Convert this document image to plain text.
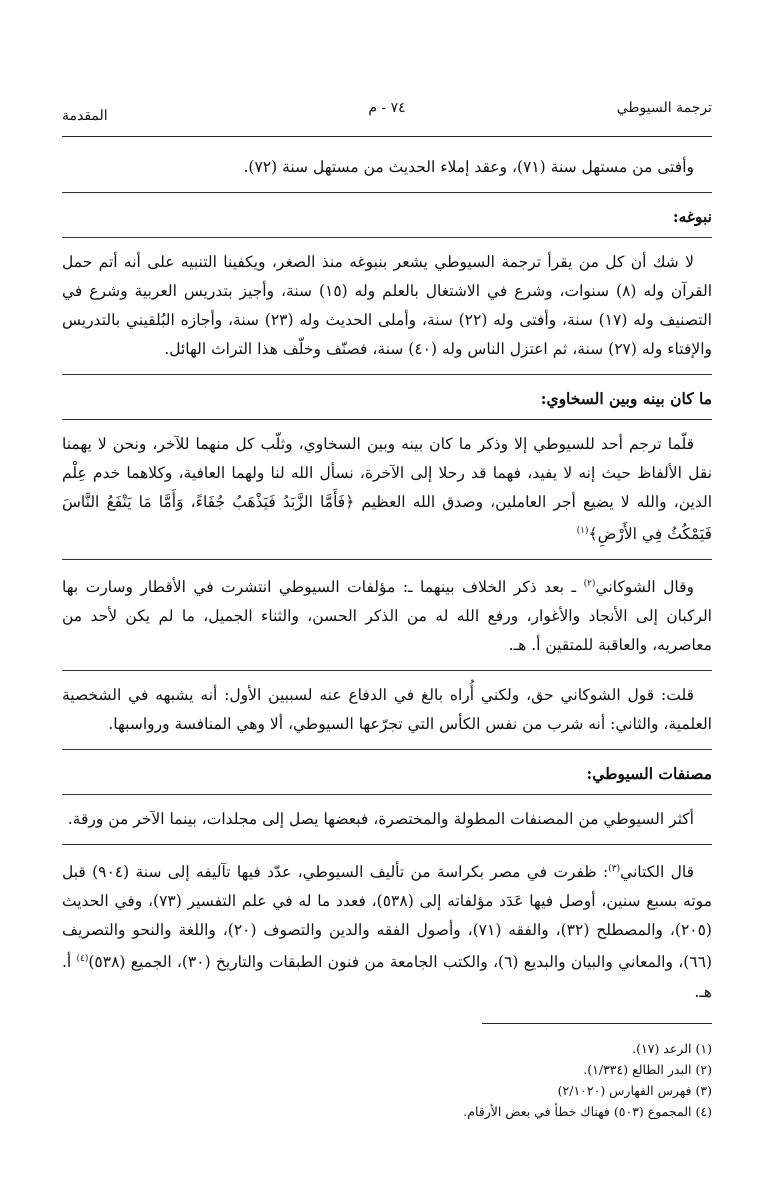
ترجمة السيوطي
٧٤ - م
المقدمة

وأفتى من مستهل سنة (٧١)، وعقد إملاء الحديث من مستهل سنة (٧٢).

نبوغه:

لا شك أن كل من يقرأ ترجمة السيوطي يشعر بنبوغه منذ الصغر، ويكفينا التنبيه على أنه أتم حمل القرآن وله (٨) سنوات، وشرع في الاشتغال بالعلم وله (١٥) سنة، وأجيز بتدريس العربية وشرع في التصنيف وله (١٧) سنة، وأفتى وله (٢٢) سنة، وأملى الحديث وله (٢٣) سنة، وأجازه البُلقيني بالتدريس والإفتاء وله (٢٧) سنة، ثم اعتزل الناس وله (٤٠) سنة، فصنّف وخلّف هذا التراث الهائل.

ما كان بينه وبين السخاوي:

قلّما ترجم أحد للسيوطي إلا وذكر ما كان بينه وبين السخاوي، وثلّب كل منهما للآخر، ونحن لا يهمنا نقل الألفاظ حيث إنه لا يفيد، فهما قد رحلا إلى الآخرة، نسأل الله لنا ولهما العافية، وكلاهما خدم عِلْم الدين، والله لا يضيع أجر العاملين، وصدق الله العظيم ﴿فَأَمَّا الزَّبَدُ فَيَذْهَبُ جُفَاءً، وَأَمَّا مَا يَنْفَعُ النَّاسَ فَيَمْكُثُ فِي الأَرْضِ﴾$^{(١)}$

وقال الشوكاني$^{(٢)}$ ـ بعد ذكر الخلاف بينهما ـ: مؤلفات السيوطي انتشرت في الأقطار وسارت بها الركبان إلى الأنجاد والأغوار، ورفع الله له من الذكر الحسن، والثناء الجميل، ما لم يكن لأحد من معاصريه، والعاقبة للمتقين أ. هـ.

قلت: قول الشوكاني حق، ولكني أُراه بالغ في الدفاع عنه لسببين الأول: أنه يشبهه في الشخصية العلمية، والثاني: أنه شرب من نفس الكأس التي تجرّعها السيوطي، ألا وهي المنافسة ورواسبها.

مصنفات السيوطي:

أكثر السيوطي من المصنفات المطولة والمختصرة، فبعضها يصل إلى مجلدات، بينما الآخر من ورقة.

قال الكتاني$^{(٣)}$: ظفرت في مصر بكراسة من تأليف السيوطي، عدّد فيها تآليفه إلى سنة (٩٠٤) قبل موته بسبع سنين، أوصل فيها عَدَد مؤلفاته إلى (٥٣٨)، فعدد ما له في علم التفسير (٧٣)، وفي الحديث (٢٠٥)، والمصطلح (٣٢)، والفقه (٧١)، وأصول الفقه والدين والتصوف (٢٠)، واللغة والنحو والتصريف (٦٦)، والمعاني والبيان والبديع (٦)، والكتب الجامعة من فنون الطبقات والتاريخ (٣٠)، الجميع (٥٣٨)$^{(٤)}$ أ. هـ.

(١)الرعد (١٧).
(٢)البدر الطالع (١/٣٣٤).
(٣)فهرس الفهارس (٢/١٠٢٠)
(٤)المجموع (٥٠٣) فهناك خطأ في بعض الأرقام.
